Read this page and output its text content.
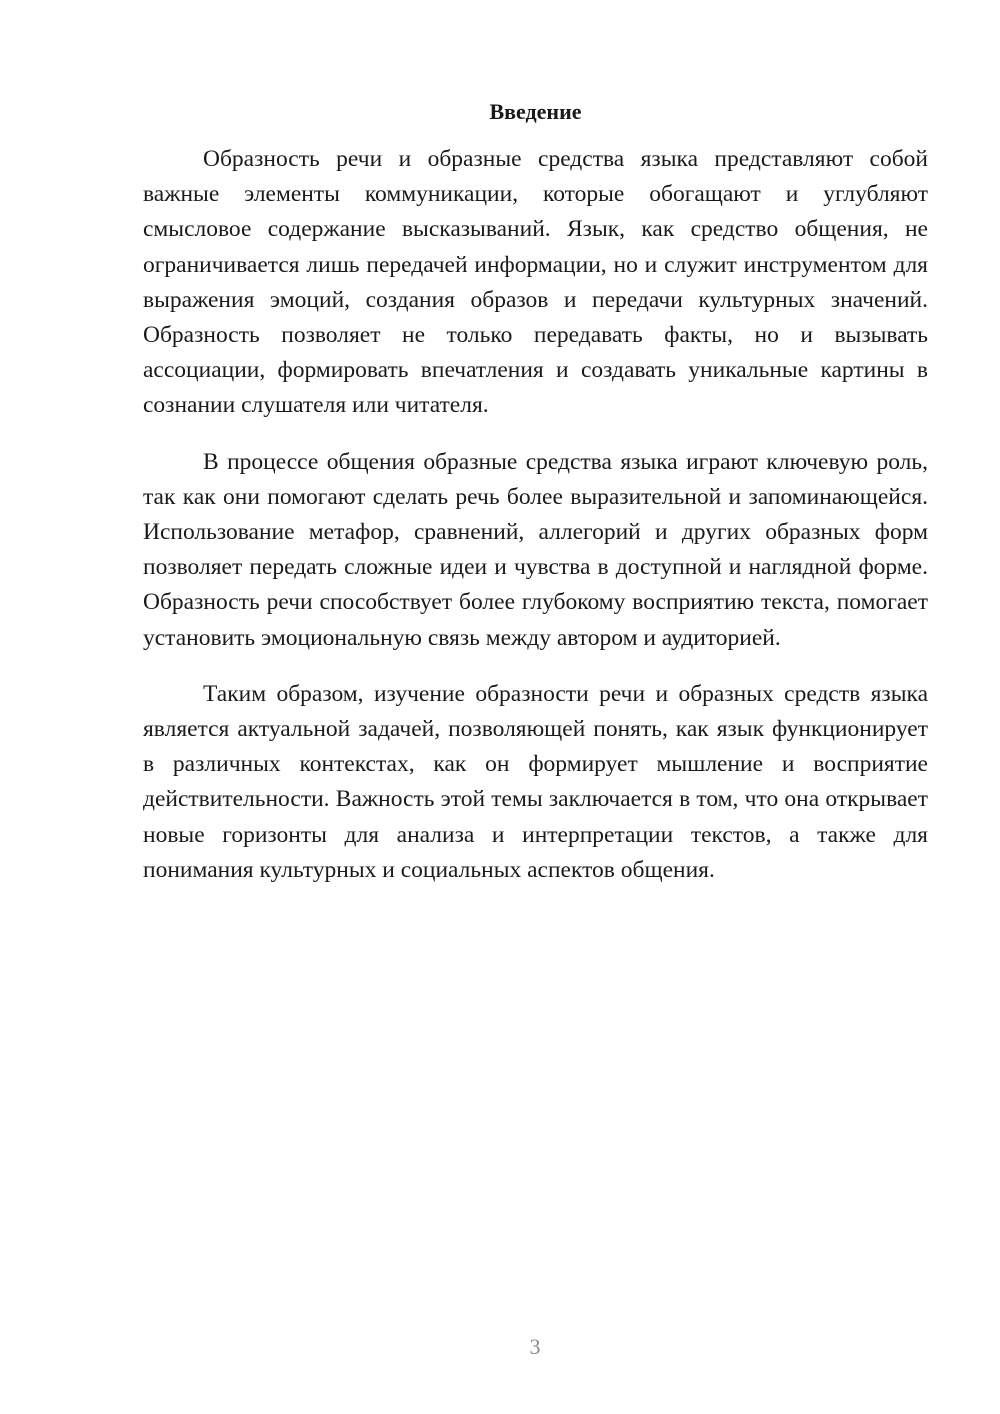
Введение

Образность речи и образные средства языка представляют собой важные элементы коммуникации, которые обогащают и углубляют смысловое содержание высказываний. Язык, как средство общения, не ограничивается лишь передачей информации, но и служит инструментом для выражения эмоций, создания образов и передачи культурных значений. Образность позволяет не только передавать факты, но и вызывать ассоциации, формировать впечатления и создавать уникальные картины в сознании слушателя или читателя.

В процессе общения образные средства языка играют ключевую роль, так как они помогают сделать речь более выразительной и запоминающейся. Использование метафор, сравнений, аллегорий и других образных форм позволяет передать сложные идеи и чувства в доступной и наглядной форме. Образность речи способствует более глубокому восприятию текста, помогает установить эмоциональную связь между автором и аудиторией.

Таким образом, изучение образности речи и образных средств языка является актуальной задачей, позволяющей понять, как язык функционирует в различных контекстах, как он формирует мышление и восприятие действительности. Важность этой темы заключается в том, что она открывает новые горизонты для анализа и интерпретации текстов, а также для понимания культурных и социальных аспектов общения.

3
